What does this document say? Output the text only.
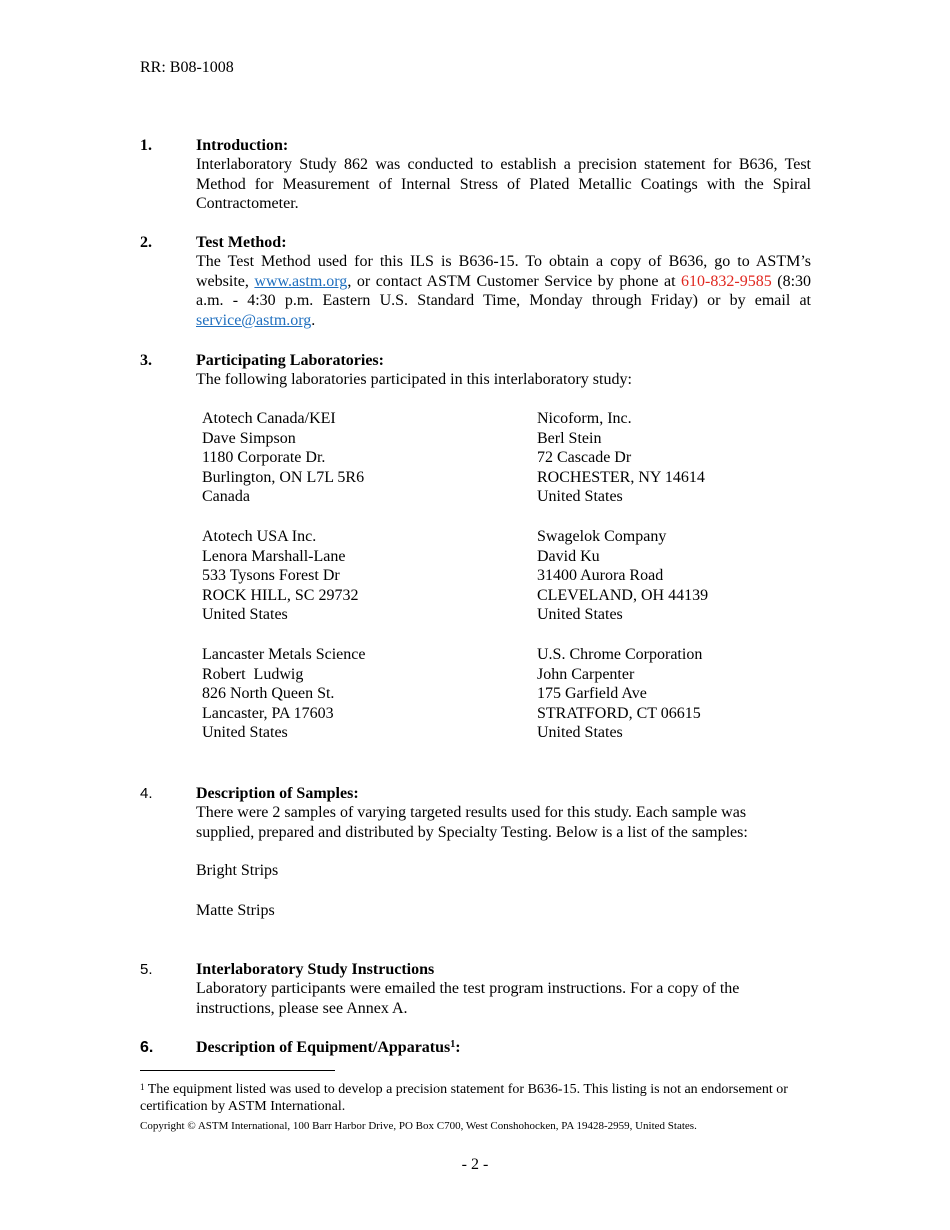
RR: B08-1008
1.	Introduction:
Interlaboratory Study 862 was conducted to establish a precision statement for B636, Test Method for Measurement of Internal Stress of Plated Metallic Coatings with the Spiral Contractometer.
2.	Test Method:
The Test Method used for this ILS is B636-15. To obtain a copy of B636, go to ASTM’s website, www.astm.org, or contact ASTM Customer Service by phone at 610-832-9585 (8:30 a.m. - 4:30 p.m. Eastern U.S. Standard Time, Monday through Friday) or by email at service@astm.org.
3.	Participating Laboratories:
The following laboratories participated in this interlaboratory study:
Atotech Canada/KEI
Dave Simpson
1180 Corporate Dr.
Burlington, ON L7L 5R6
Canada
Nicoform, Inc.
Berl Stein
72 Cascade Dr
ROCHESTER, NY 14614
United States
Atotech USA Inc.
Lenora Marshall-Lane
533 Tysons Forest Dr
ROCK HILL, SC 29732
United States
Swagelok Company
David Ku
31400 Aurora Road
CLEVELAND, OH 44139
United States
Lancaster Metals Science
Robert  Ludwig
826 North Queen St.
Lancaster, PA 17603
United States
U.S. Chrome Corporation
John Carpenter
175 Garfield Ave
STRATFORD, CT 06615
United States
4.	Description of Samples:
There were 2 samples of varying targeted results used for this study. Each sample was supplied, prepared and distributed by Specialty Testing. Below is a list of the samples:
Bright Strips
Matte Strips
5.	Interlaboratory Study Instructions
Laboratory participants were emailed the test program instructions. For a copy of the instructions, please see Annex A.
6.	Description of Equipment/Apparatus$^1$:
$^1$ The equipment listed was used to develop a precision statement for B636-15. This listing is not an endorsement or certification by ASTM International.
Copyright © ASTM International, 100 Barr Harbor Drive, PO Box C700, West Conshohocken, PA 19428-2959, United States.
- 2 -
